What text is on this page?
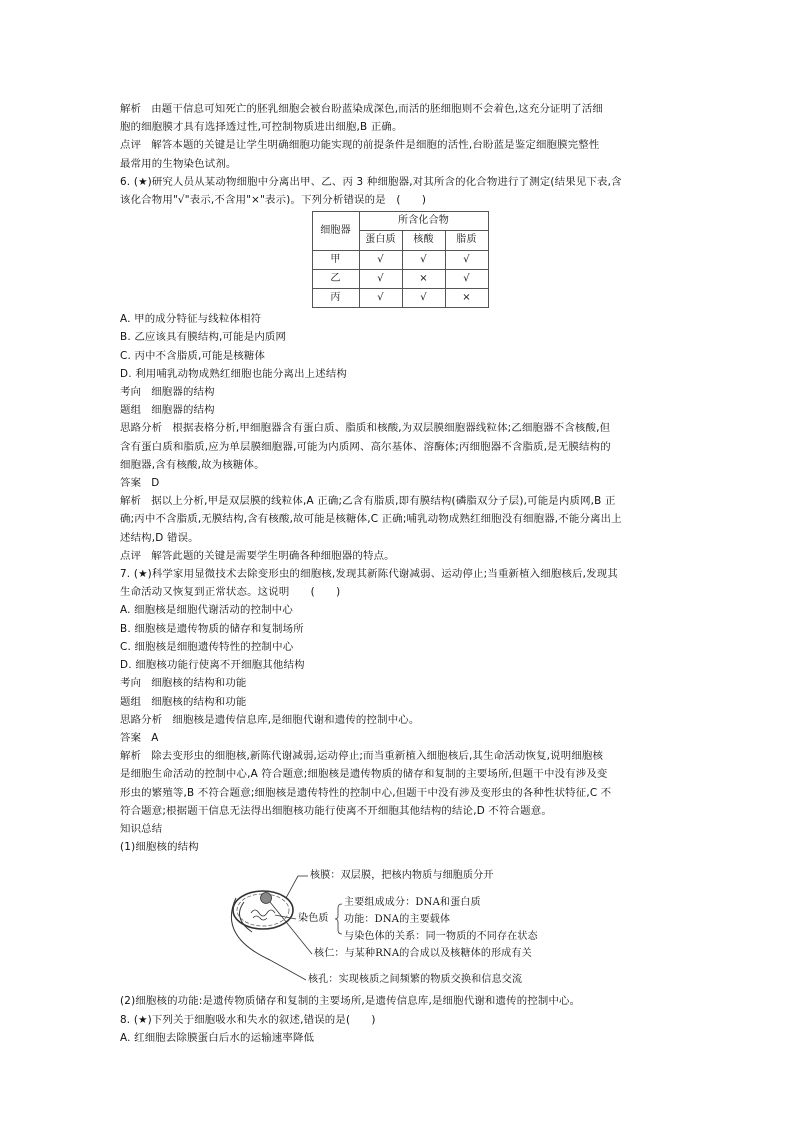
解析 由题干信息可知死亡的胚乳细胞会被台盼蓝染成深色,而活的胚细胞则不会着色,这充分证明了活细

胞的细胞膜才具有选择透过性,可控制物质进出细胞,B 正确。

点评 解答本题的关键是让学生明确细胞功能实现的前提条件是细胞的活性,台盼蓝是鉴定细胞膜完整性

最常用的生物染色试剂。

6. (★)研究人员从某动物细胞中分离出甲、乙、丙 3 种细胞器,对其所含的化合物进行了测定(结果见下表,含

该化合物用"√"表示,不含用"×"表示)。下列分析错误的是　(　　)

细胞器	所含化合物		
	蛋白质	核酸	脂质
甲	√	√	√
乙	√	×	√
丙	√	√	×

A. 甲的成分特征与线粒体相符

B. 乙应该具有膜结构,可能是内质网

C. 丙中不含脂质,可能是核糖体

D. 利用哺乳动物成熟红细胞也能分离出上述结构

考向 细胞器的结构

题组 细胞器的结构

思路分析 根据表格分析,甲细胞器含有蛋白质、脂质和核酸,为双层膜细胞器线粒体;乙细胞器不含核酸,但

含有蛋白质和脂质,应为单层膜细胞器,可能为内质网、高尔基体、溶酶体;丙细胞器不含脂质,是无膜结构的

细胞器,含有核酸,故为核糖体。

答案 D

解析 据以上分析,甲是双层膜的线粒体,A 正确;乙含有脂质,即有膜结构(磷脂双分子层),可能是内质网,B 正

确;丙中不含脂质,无膜结构,含有核酸,故可能是核糖体,C 正确;哺乳动物成熟红细胞没有细胞器,不能分离出上

述结构,D 错误。

点评 解答此题的关键是需要学生明确各种细胞器的特点。

7. (★)科学家用显微技术去除变形虫的细胞核,发现其新陈代谢减弱、运动停止;当重新植入细胞核后,发现其

生命活动又恢复到正常状态。这说明　　(　　)

A. 细胞核是细胞代谢活动的控制中心

B. 细胞核是遗传物质的储存和复制场所

C. 细胞核是细胞遗传特性的控制中心

D. 细胞核功能行使离不开细胞其他结构

考向 细胞核的结构和功能

题组 细胞核的结构和功能

思路分析 细胞核是遗传信息库,是细胞代谢和遗传的控制中心。

答案 A

解析 除去变形虫的细胞核,新陈代谢减弱,运动停止;而当重新植入细胞核后,其生命活动恢复,说明细胞核

是细胞生命活动的控制中心,A 符合题意;细胞核是遗传物质的储存和复制的主要场所,但题干中没有涉及变

形虫的繁殖等,B 不符合题意;细胞核是遗传特性的控制中心,但题干中没有涉及变形虫的各种性状特征,C 不

符合题意;根据题干信息无法得出细胞核功能行使离不开细胞其他结构的结论,D 不符合题意。

知识总结

(1)细胞核的结构

核膜：双层膜，把核内物质与细胞质分开
染色质
主要组成成分：DNA和蛋白质
功能：DNA的主要载体
与染色体的关系：同一物质的不同存在状态
核仁：与某种RNA的合成以及核糖体的形成有关
核孔：实现核质之间频繁的物质交换和信息交流

(2)细胞核的功能:是遗传物质储存和复制的主要场所,是遗传信息库,是细胞代谢和遗传的控制中心。

8. (★)下列关于细胞吸水和失水的叙述,错误的是(　　)

A. 红细胞去除膜蛋白后水的运输速率降低
